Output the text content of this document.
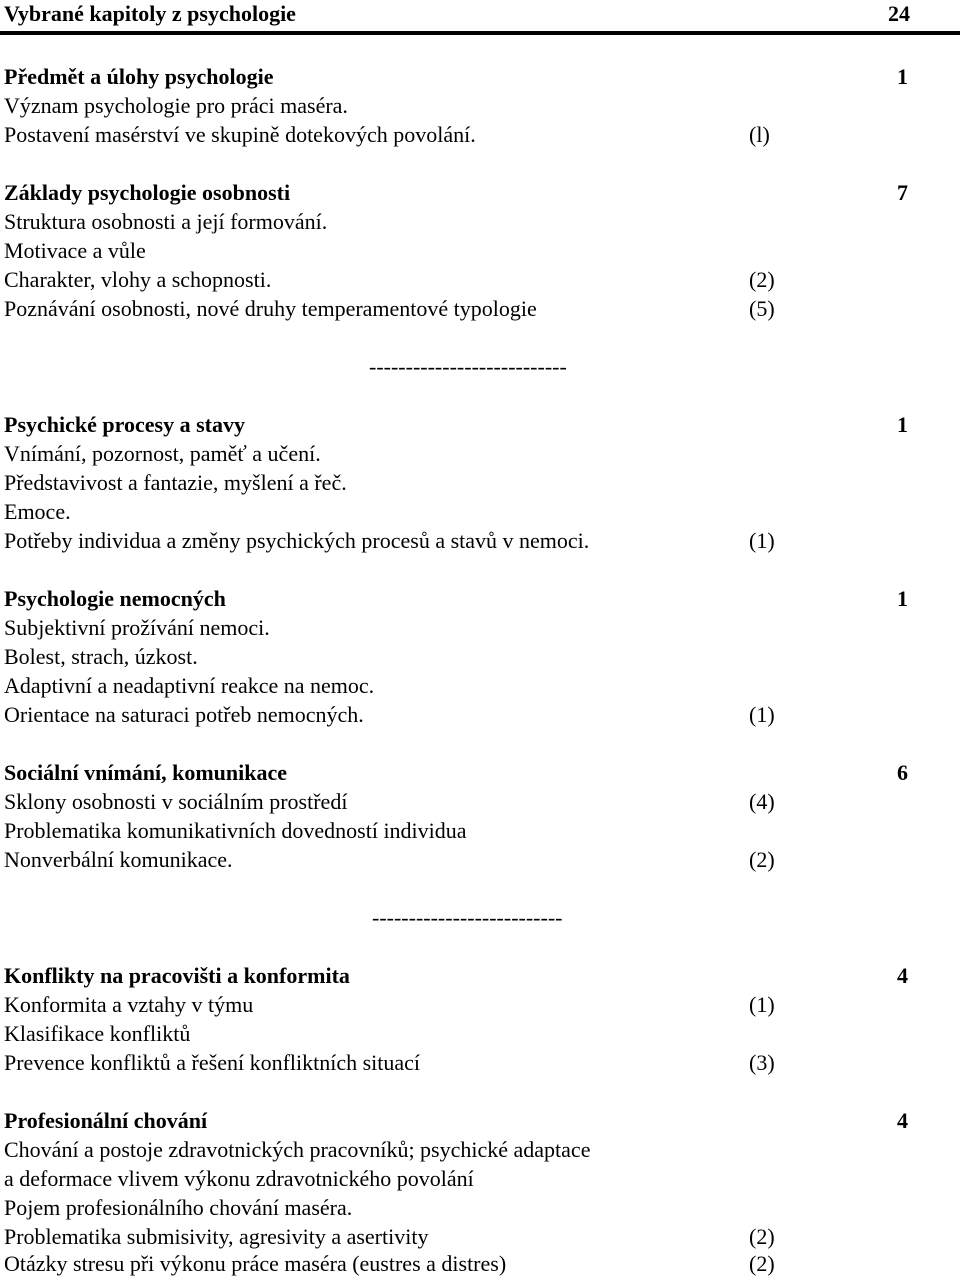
Vybrané kapitoly z psychologie	24
Předmět a úlohy psychologie	1
Význam psychologie pro práci maséra.
Postavení masérství ve skupině dotekových povolání.	(l)
Základy psychologie osobnosti	7
Struktura osobnosti a její formování.
Motivace a vůle
Charakter, vlohy a schopnosti.	(2)
Poznávání osobnosti, nové druhy temperamentové typologie	(5)
---------------------------
Psychické procesy a stavy	1
Vnímání, pozornost, paměť a učení.
Představivost a fantazie, myšlení a řeč.
Emoce.
Potřeby individua a změny psychických procesů a stavů v nemoci.	(1)
Psychologie nemocných	1
Subjektivní prožívání nemoci.
Bolest, strach, úzkost.
Adaptivní a neadaptivní reakce na nemoc.
Orientace na saturaci potřeb nemocných.	(1)
Sociální vnímání, komunikace	6
Sklony osobnosti v sociálním prostředí	(4)
Problematika komunikativních dovedností individua
Nonverbální komunikace.	(2)
--------------------------
Konflikty na pracovišti a konformita	4
Konformita a vztahy v týmu	(1)
Klasifikace konfliktů
Prevence konfliktů a řešení konfliktních situací	(3)
Profesionální chování	4
Chování a postoje zdravotnických pracovníků; psychické adaptace
a deformace vlivem výkonu zdravotnického povolání
Pojem profesionálního chování maséra.
Problematika submisivity, agresivity a asertivity	(2)
Otázky stresu při výkonu práce maséra (eustres a distres)	(2)
